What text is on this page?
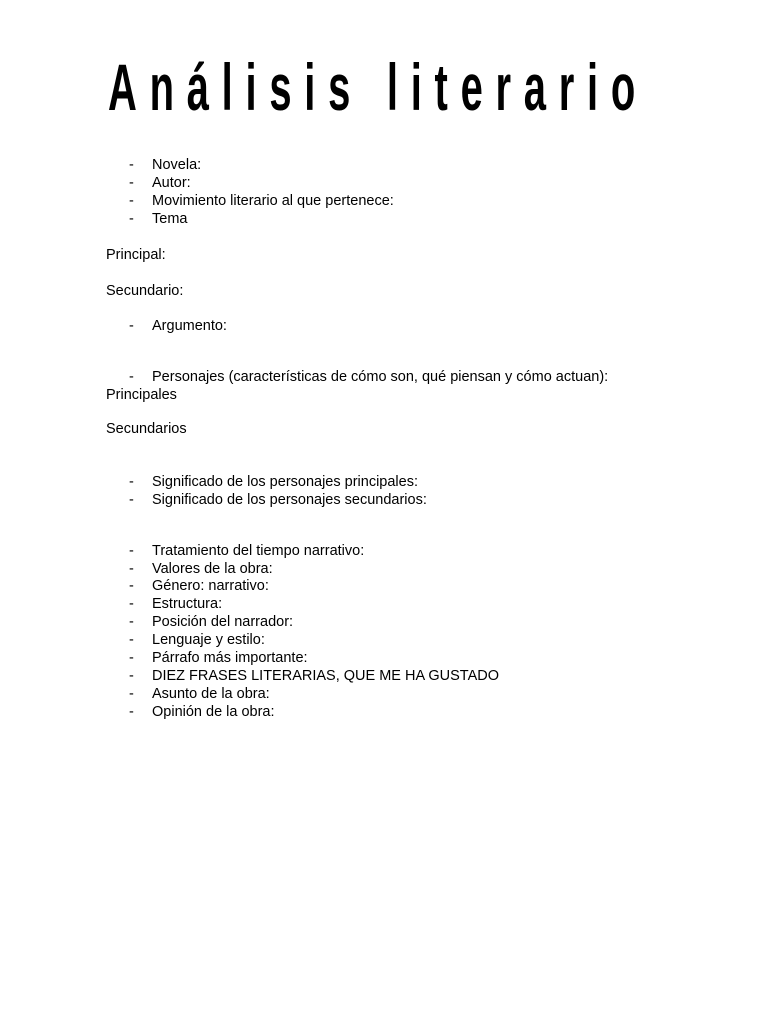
Análisis literario
- Novela:
- Autor:
- Movimiento literario al que pertenece:
- Tema
Principal:
Secundario:
- Argumento:
- Personajes (características de cómo son, qué piensan y cómo actuan):
Principales
Secundarios
- Significado de los personajes principales:
- Significado de los personajes secundarios:
- Tratamiento del tiempo narrativo:
- Valores de la obra:
- Género: narrativo:
- Estructura:
- Posición del narrador:
- Lenguaje y estilo:
- Párrafo más importante:
- DIEZ FRASES LITERARIAS, QUE ME HA GUSTADO
- Asunto de la obra:
- Opinión de la obra:
